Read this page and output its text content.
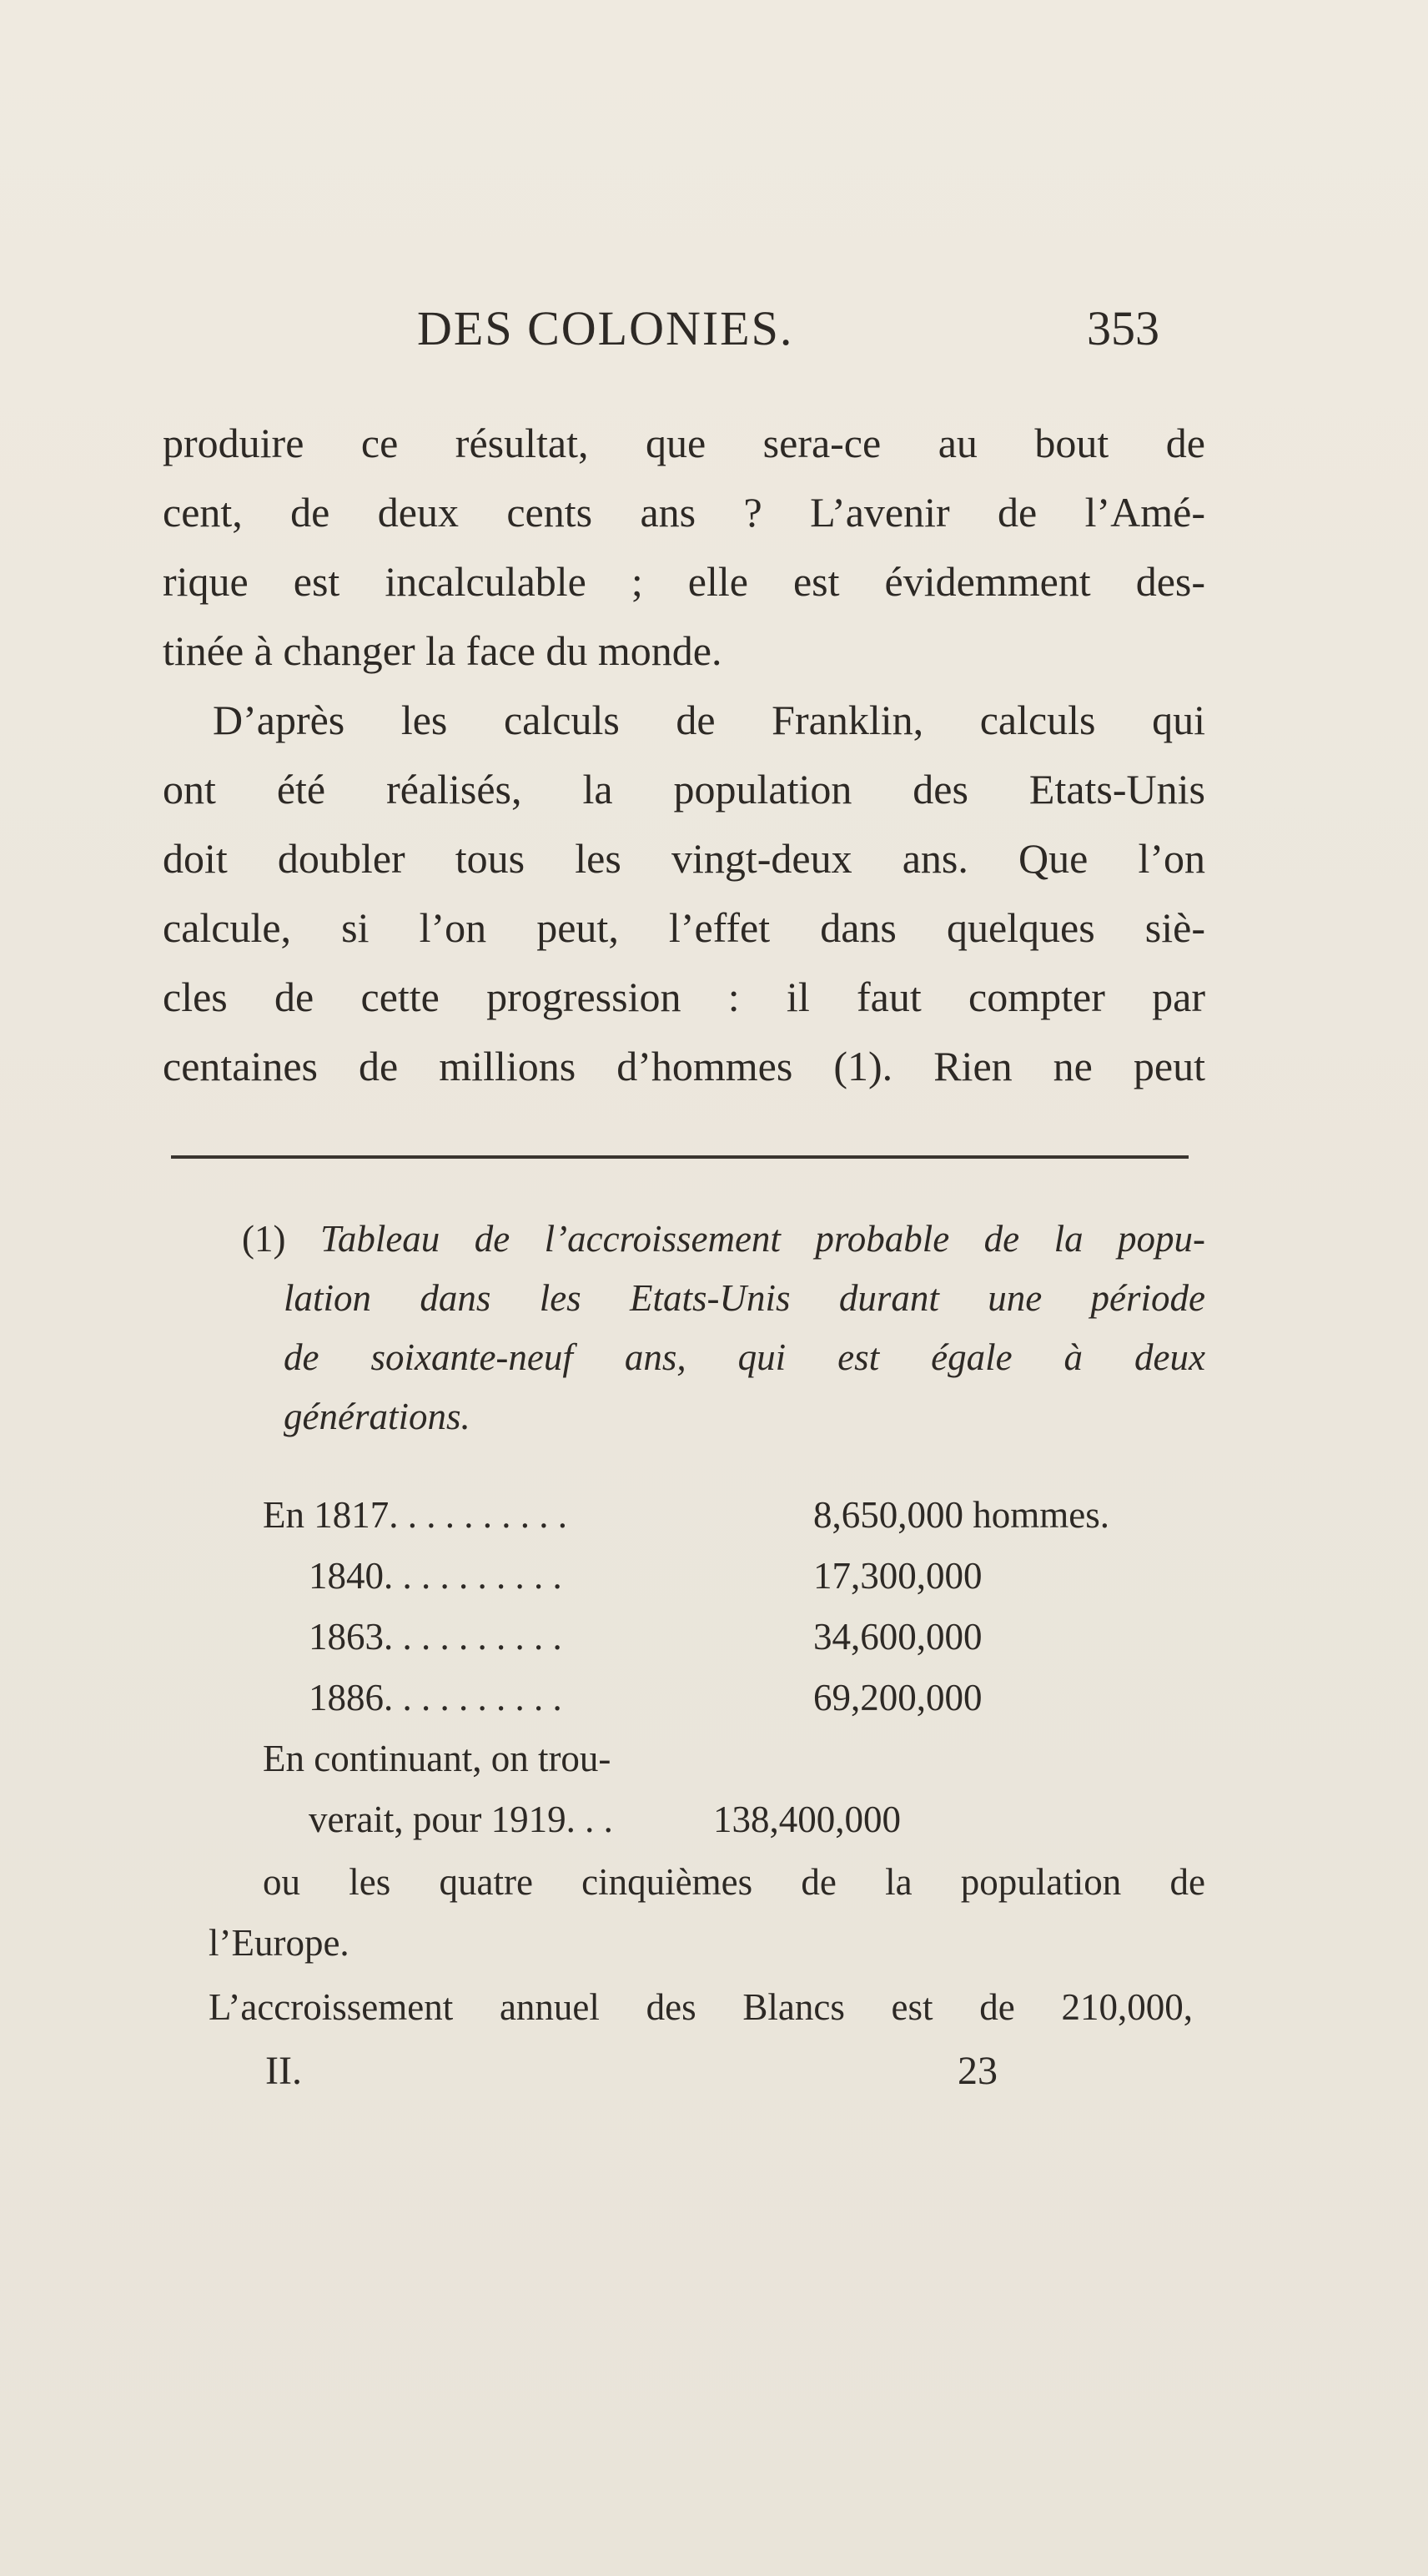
DES COLONIES.	353
produire ce résultat, que sera-ce au bout de
cent, de deux cents ans ? L’avenir de l’Amé-
rique est incalculable ; elle est évidemment des-
tinée à changer la face du monde.
D’après les calculs de Franklin, calculs qui
ont été réalisés, la population des Etats-Unis
doit doubler tous les vingt-deux ans. Que l’on
calcule, si l’on peut, l’effet dans quelques siè-
cles de cette progression : il faut compter par
centaines de millions d’hommes (1). Rien ne peut
(1) Tableau de l’accroissement probable de la popu-
lation dans les Etats-Unis durant une période
de soixante-neuf ans, qui est égale à deux
générations.
En 1817. . . . . . . . . .	8,650,000 hommes.
1840. . . . . . . . . .	17,300,000
1863. . . . . . . . . .	34,600,000
1886. . . . . . . . . .	69,200,000
En continuant, on trou-
verait, pour 1919. . .	138,400,000
ou les quatre cinquièmes de la population de
l’Europe.
L’accroissement annuel des Blancs est de 210,000,
II.	23
